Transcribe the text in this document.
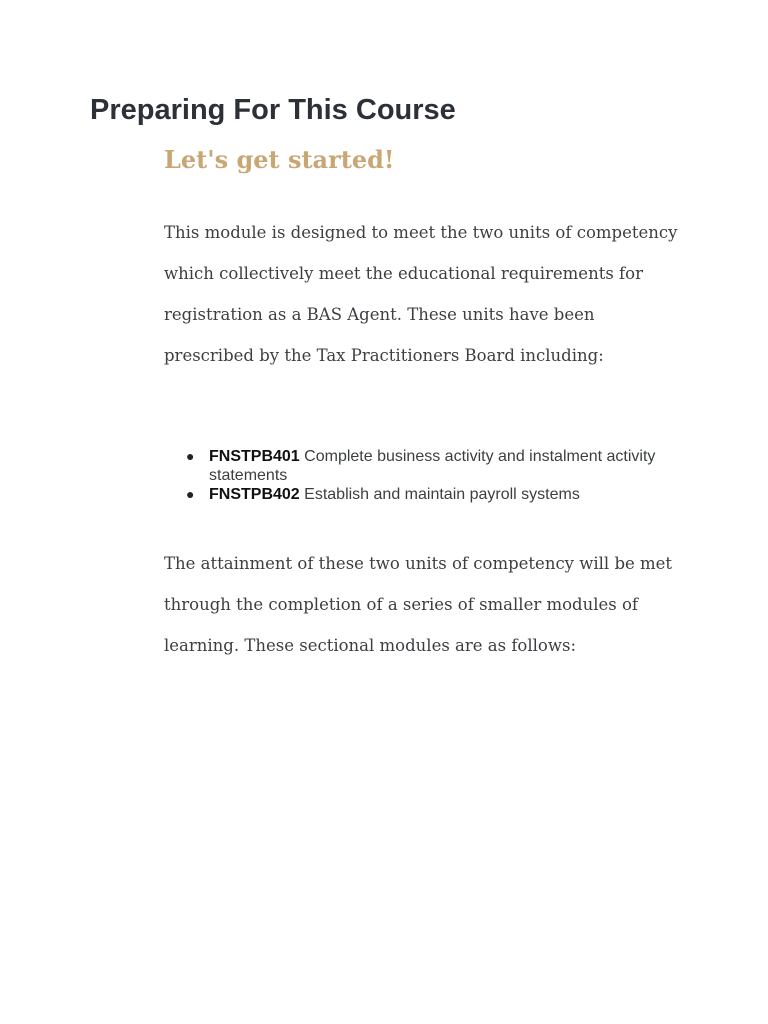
Preparing For This Course
Let's get started!

This module is designed to meet the two units of competency which collectively meet the educational requirements for registration as a BAS Agent. These units have been prescribed by the Tax Practitioners Board including:

● FNSTPB401 Complete business activity and instalment activity statements
● FNSTPB402 Establish and maintain payroll systems

The attainment of these two units of competency will be met through the completion of a series of smaller modules of learning. These sectional modules are as follows:
